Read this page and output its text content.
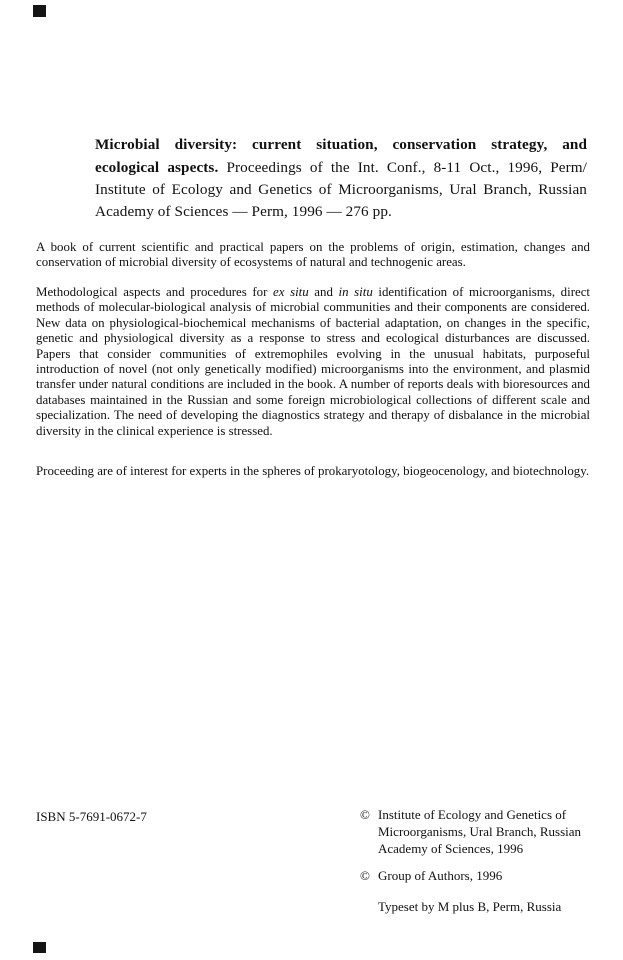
Microbial diversity: current situation, conservation strategy, and ecological aspects. Proceedings of the Int. Conf., 8-11 Oct., 1996, Perm/ Institute of Ecology and Genetics of Microorganisms, Ural Branch, Russian Academy of Sciences — Perm, 1996 — 276 pp.

A book of current scientific and practical papers on the problems of origin, estimation, changes and conservation of microbial diversity of ecosystems of natural and technogenic areas.

Methodological aspects and procedures for ex situ and in situ identification of microorganisms, direct methods of molecular-biological analysis of microbial communities and their components are considered. New data on physiological-biochemical mechanisms of bacterial adaptation, on changes in the specific, genetic and physiological diversity as a response to stress and ecological disturbances are discussed. Papers that consider communities of extremophiles evolving in the unusual habitats, purposeful introduction of novel (not only genetically modified) microorganisms into the environment, and plasmid transfer under natural conditions are included in the book. A number of reports deals with bioresources and databases maintained in the Russian and some foreign microbiological collections of different scale and specialization. The need of developing the diagnostics strategy and therapy of disbalance in the microbial diversity in the clinical experience is stressed.

Proceeding are of interest for experts in the spheres of prokaryotology, biogeocenology, and biotechnology.

ISBN 5-7691-0672-7	© Institute of Ecology and Genetics of Microorganisms, Ural Branch, Russian Academy of Sciences, 1996
© Group of Authors, 1996
Typeset by M plus B, Perm, Russia
